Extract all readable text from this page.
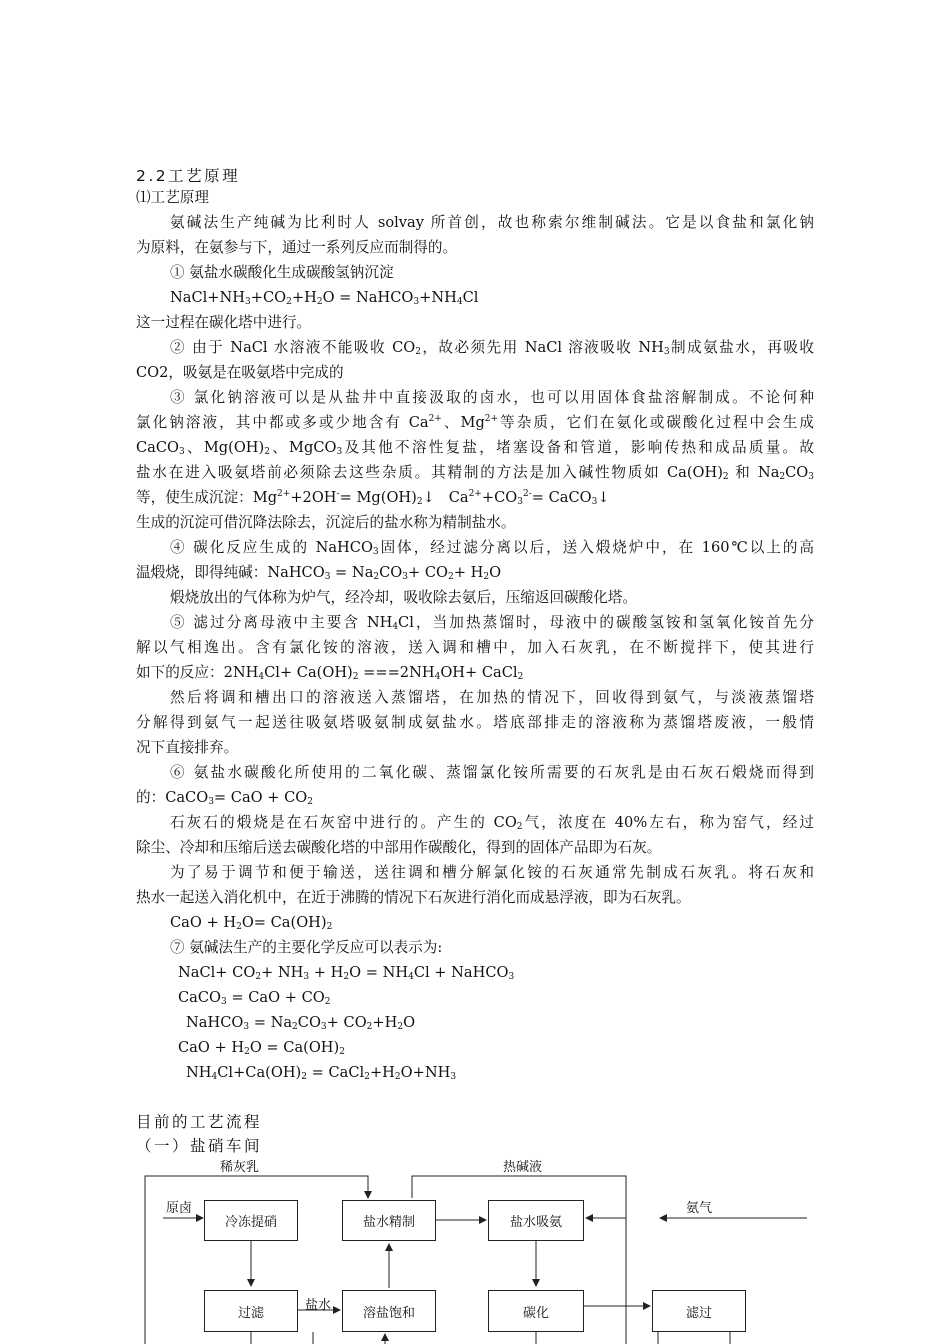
2.2工艺原理
⑴工艺原理
氨碱法生产纯碱为比利时人 solvay 所首创，故也称索尔维制碱法。它是以食盐和氯化钠
为原料，在氨参与下，通过一系列反应而制得的。
① 氨盐水碳酸化生成碳酸氢钠沉淀
$NaCl+NH_3+CO_2+H_2O$ = $NaHCO_3+NH_4Cl$
这一过程在碳化塔中进行。
② 由于 NaCl 水溶液不能吸收 $CO_2$，故必须先用 NaCl 溶液吸收 $NH_3$制成氨盐水，再吸收
CO2，吸氨是在吸氨塔中完成的
③ 氯化钠溶液可以是从盐井中直接汲取的卤水，也可以用固体食盐溶解制成。不论何种
氯化钠溶液，其中都或多或少地含有 $Ca^{2+}$、$Mg^{2+}$等杂质，它们在氨化或碳酸化过程中会生成
CaCO$_3$、$Mg(OH)_2$、MgCO$_3$及其他不溶性复盐，堵塞设备和管道，影响传热和成品质量。故
盐水在进入吸氨塔前必须除去这些杂质。其精制的方法是加入碱性物质如 $Ca(OH)_2$ 和 $Na_2CO_3$
等，使生成沉淀：$Mg^{2+}+2OH^-=$ $Mg(OH)_2↓$   $Ca^{2+}+CO_3^{2-}=$ CaCO$_3$↓
生成的沉淀可借沉降法除去，沉淀后的盐水称为精制盐水。
④ 碳化反应生成的 NaHCO$_3$固体，经过滤分离以后，送入煅烧炉中，在 160℃以上的高
温煅烧，即得纯碱：NaHCO$_3$ = $Na_2CO_3+ CO_2+ H_2O$
煅烧放出的气体称为炉气，经冷却，吸收除去氨后，压缩返回碳酸化塔。
⑤ 滤过分离母液中主要含 $NH_4Cl$，当加热蒸馏时，母液中的碳酸氢铵和氢氧化铵首先分
解以气相逸出。含有氯化铵的溶液，送入调和槽中，加入石灰乳，在不断搅拌下，使其进行
如下的反应：$2NH_4Cl+ Ca(OH)_2 ===2NH_4OH+$ CaCl$_2$
然后将调和槽出口的溶液送入蒸馏塔，在加热的情况下，回收得到氨气，与淡液蒸馏塔
分解得到氨气一起送往吸氨塔吸氨制成氨盐水。塔底部排走的溶液称为蒸馏塔废液，一般情
况下直接排弃。
⑥ 氨盐水碳酸化所使用的二氧化碳、蒸馏氯化铵所需要的石灰乳是由石灰石煅烧而得到
的：CaCO$_3$= CaO + $CO_2$
石灰石的煅烧是在石灰窑中进行的。产生的 $CO_2$气，浓度在 40%左右，称为窑气，经过
除尘、冷却和压缩后送去碳酸化塔的中部用作碳酸化，得到的固体产品即为石灰。
为了易于调节和便于输送，送往调和槽分解氯化铵的石灰通常先制成石灰乳。将石灰和
热水一起送入消化机中，在近于沸腾的情况下石灰进行消化而成悬浮液，即为石灰乳。
CaO + $H_2O= Ca(OH)_2$
⑦ 氨碱法生产的主要化学反应可以表示为:
NaCl+ $CO_2+ NH_3 + H_2O = NH_4Cl$ + NaHCO$_3$
CaCO$_3$ = CaO + $CO_2$
NaHCO$_3$ = $Na_2CO_3+ CO_2+H_2O$
CaO + $H_2O = Ca(OH)_2$
$NH_4Cl+Ca(OH)_2$ = $CaCl_2+H_2O+NH_3$
目前的工艺流程
（一）盐硝车间
稀灰乳	热碱液
原卤	氨气
盐水
冷冻提硝	盐水精制	盐水吸氨
过滤	溶盐饱和	碳化	滤过
